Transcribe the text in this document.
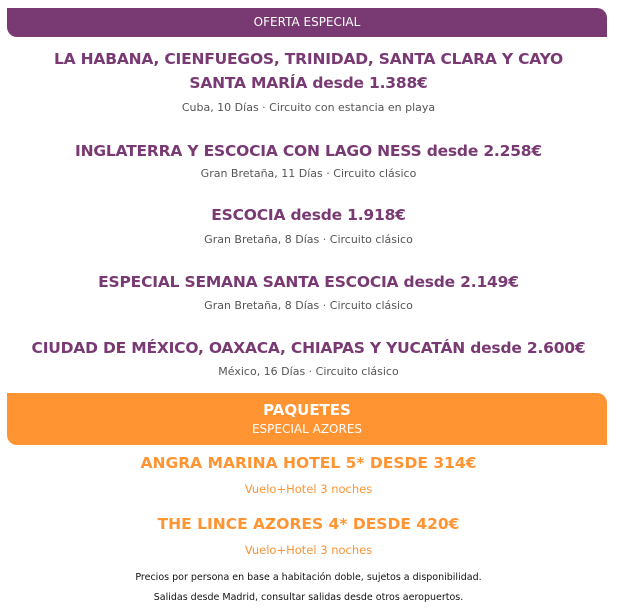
OFERTA ESPECIAL
LA HABANA, CIENFUEGOS, TRINIDAD, SANTA CLARA Y CAYO
SANTA MARÍA desde 1.388€
Cuba, 10 Días · Circuito con estancia en playa
INGLATERRA Y ESCOCIA CON LAGO NESS desde 2.258€
Gran Bretaña, 11 Días · Circuito clásico
ESCOCIA desde 1.918€
Gran Bretaña, 8 Días · Circuito clásico
ESPECIAL SEMANA SANTA ESCOCIA desde 2.149€
Gran Bretaña, 8 Días · Circuito clásico
CIUDAD DE MÉXICO, OAXACA, CHIAPAS Y YUCATÁN desde 2.600€
México, 16 Días · Circuito clásico
PAQUETES
ESPECIAL AZORES
ANGRA MARINA HOTEL 5* DESDE 314€
Vuelo+Hotel 3 noches
THE LINCE AZORES 4* DESDE 420€
Vuelo+Hotel 3 noches
Precios por persona en base a habitación doble, sujetos a disponibilidad.
Salidas desde Madrid, consultar salidas desde otros aeropuertos.
